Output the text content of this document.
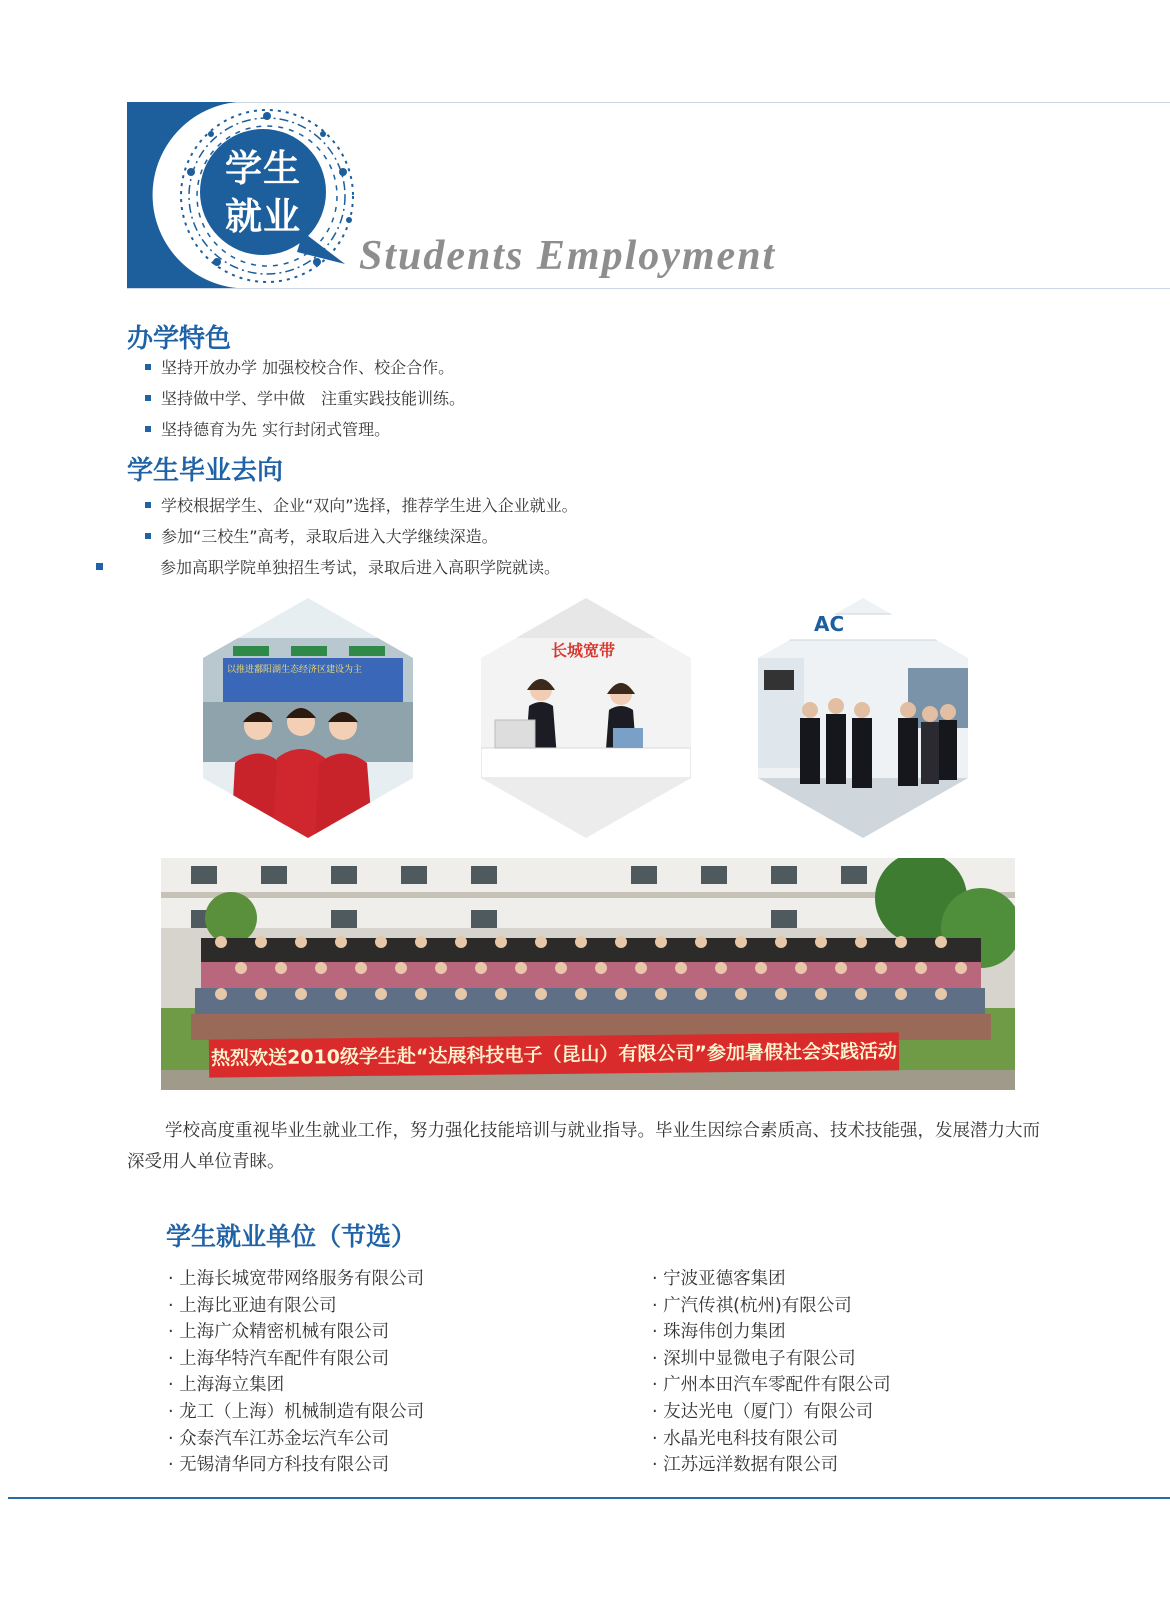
学生
就业
Students Employment
办学特色
坚持开放办学 加强校校合作、校企合作。
坚持做中学、学中做　注重实践技能训练。
坚持德育为先 实行封闭式管理。
学生毕业去向
学校根据学生、企业“双向”选择，推荐学生进入企业就业。
参加“三校生”高考，录取后进入大学继续深造。
参加高职学院单独招生考试，录取后进入高职学院就读。
以推进鄱阳湖生态经济区建设为主
长城宽带
AC
热烈欢送2010级学生赴“达展科技电子（昆山）有限公司”参加暑假社会实践活动

学校高度重视毕业生就业工作，努力强化技能培训与就业指导。毕业生因综合素质高、技术技能强，发展潜力大而深受用人单位青睐。

学生就业单位（节选）
· 上海长城宽带网络服务有限公司
· 上海比亚迪有限公司
· 上海广众精密机械有限公司
· 上海华特汽车配件有限公司
· 上海海立集团
· 龙工（上海）机械制造有限公司
· 众泰汽车江苏金坛汽车公司
· 无锡清华同方科技有限公司
· 宁波亚德客集团
· 广汽传祺(杭州)有限公司
· 珠海伟创力集团
· 深圳中显微电子有限公司
· 广州本田汽车零配件有限公司
· 友达光电（厦门）有限公司
· 水晶光电科技有限公司
· 江苏远洋数据有限公司
